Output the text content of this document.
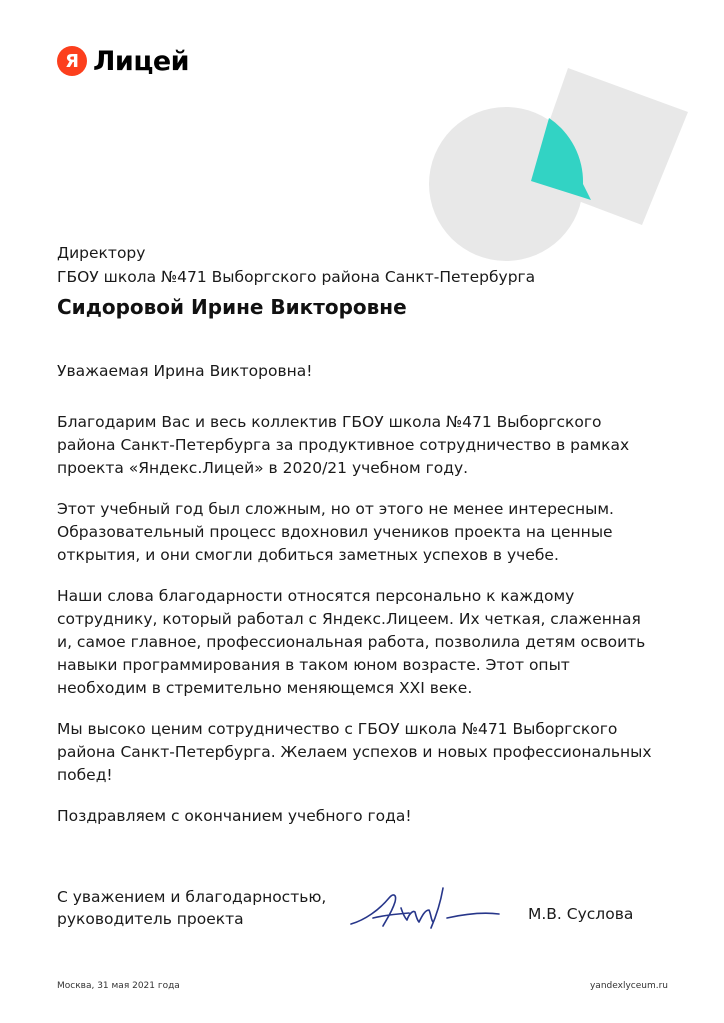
Я Лицей
Директору
ГБОУ школа №471 Выборгского района Санкт-Петербурга
Сидоровой Ирине Викторовне

Уважаемая Ирина Викторовна!

Благодарим Вас и весь коллектив ГБОУ школа №471 Выборгского района Санкт-Петербурга за продуктивное сотрудничество в рамках проекта «Яндекс.Лицей» в 2020/21 учебном году.

Этот учебный год был сложным, но от этого не менее интересным. Образовательный процесс вдохновил учеников проекта на ценные открытия, и они смогли добиться заметных успехов в учебе.

Наши слова благодарности относятся персонально к каждому сотруднику, который работал с Яндекс.Лицеем. Их четкая, слаженная и, самое главное, профессиональная работа, позволила детям освоить навыки программирования в таком юном возрасте. Этот опыт необходим в стремительно меняющемся XXI веке.

Мы высоко ценим сотрудничество с ГБОУ школа №471 Выборгского района Санкт-Петербурга. Желаем успехов и новых профессиональных побед!

Поздравляем с окончанием учебного года!

С уважением и благодарностью,
руководитель проекта	М.В. Суслова
Москва, 31 мая 2021 года	yandexlyceum.ru
